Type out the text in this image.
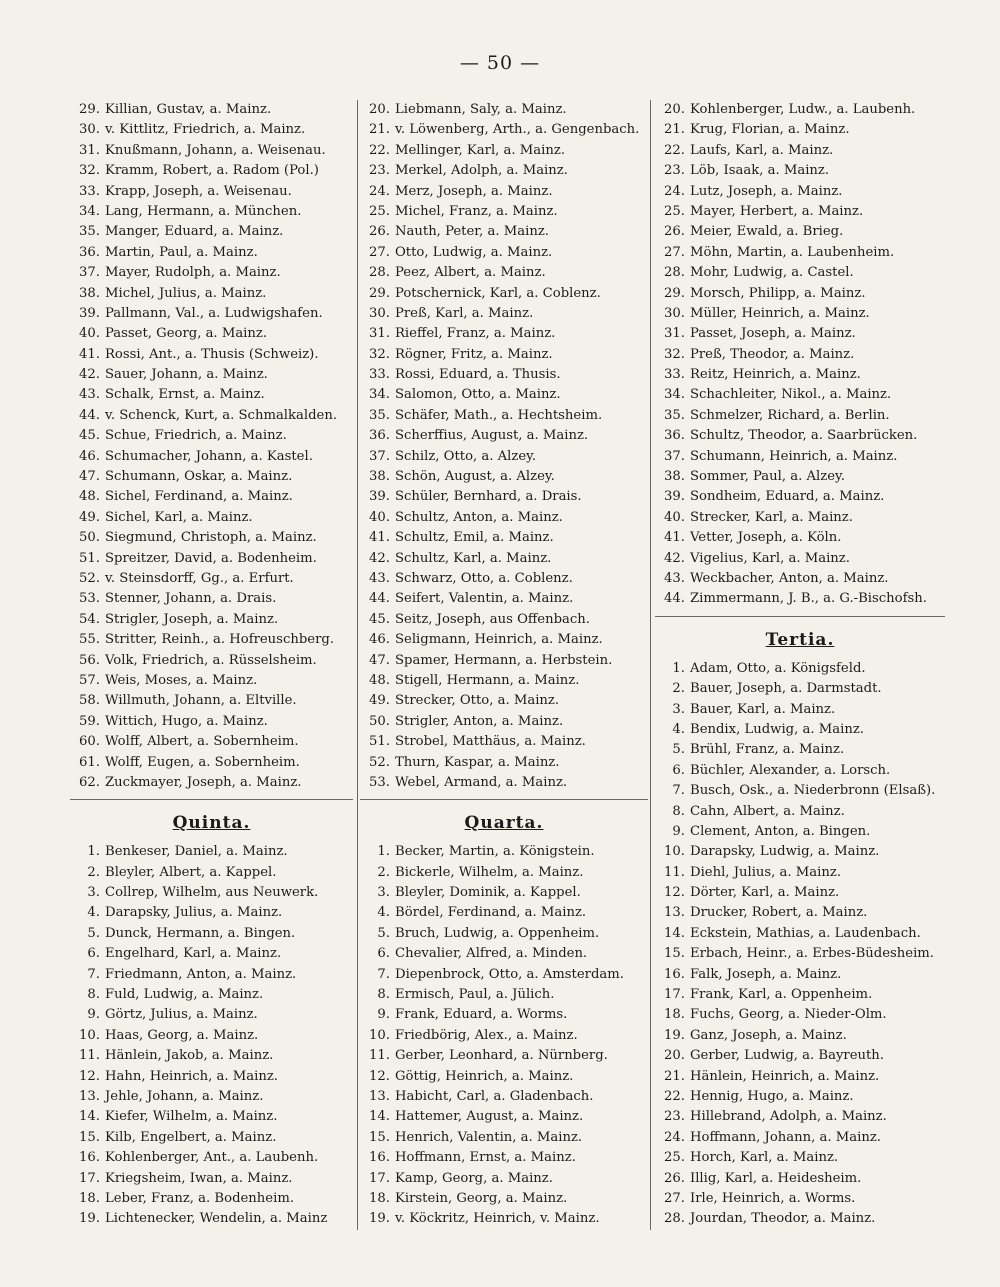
— 50 —
29. Killian, Gustav, a. Mainz.
30. v. Kittlitz, Friedrich, a. Mainz.
31. Knußmann, Johann, a. Weisenau.
32. Kramm, Robert, a. Radom (Pol.)
33. Krapp, Joseph, a. Weisenau.
34. Lang, Hermann, a. München.
35. Manger, Eduard, a. Mainz.
36. Martin, Paul, a. Mainz.
37. Mayer, Rudolph, a. Mainz.
38. Michel, Julius, a. Mainz.
39. Pallmann, Val., a. Ludwigshafen.
40. Passet, Georg, a. Mainz.
41. Rossi, Ant., a. Thusis (Schweiz).
42. Sauer, Johann, a. Mainz.
43. Schalk, Ernst, a. Mainz.
44. v. Schenck, Kurt, a. Schmalkalden.
45. Schue, Friedrich, a. Mainz.
46. Schumacher, Johann, a. Kastel.
47. Schumann, Oskar, a. Mainz.
48. Sichel, Ferdinand, a. Mainz.
49. Sichel, Karl, a. Mainz.
50. Siegmund, Christoph, a. Mainz.
51. Spreitzer, David, a. Bodenheim.
52. v. Steinsdorff, Gg., a. Erfurt.
53. Stenner, Johann, a. Drais.
54. Strigler, Joseph, a. Mainz.
55. Stritter, Reinh., a. Hofreuschberg.
56. Volk, Friedrich, a. Rüsselsheim.
57. Weis, Moses, a. Mainz.
58. Willmuth, Johann, a. Eltville.
59. Wittich, Hugo, a. Mainz.
60. Wolff, Albert, a. Sobernheim.
61. Wolff, Eugen, a. Sobernheim.
62. Zuckmayer, Joseph, a. Mainz.
Quinta.
1. Benkeser, Daniel, a. Mainz.
2. Bleyler, Albert, a. Kappel.
3. Collrep, Wilhelm, aus Neuwerk.
4. Darapsky, Julius, a. Mainz.
5. Dunck, Hermann, a. Bingen.
6. Engelhard, Karl, a. Mainz.
7. Friedmann, Anton, a. Mainz.
8. Fuld, Ludwig, a. Mainz.
9. Görtz, Julius, a. Mainz.
10. Haas, Georg, a. Mainz.
11. Hänlein, Jakob, a. Mainz.
12. Hahn, Heinrich, a. Mainz.
13. Jehle, Johann, a. Mainz.
14. Kiefer, Wilhelm, a. Mainz.
15. Kilb, Engelbert, a. Mainz.
16. Kohlenberger, Ant., a. Laubenh.
17. Kriegsheim, Iwan, a. Mainz.
18. Leber, Franz, a. Bodenheim.
19. Lichtenecker, Wendelin, a. Mainz
20. Liebmann, Saly, a. Mainz.
21. v. Löwenberg, Arth., a. Gengenbach.
22. Mellinger, Karl, a. Mainz.
23. Merkel, Adolph, a. Mainz.
24. Merz, Joseph, a. Mainz.
25. Michel, Franz, a. Mainz.
26. Nauth, Peter, a. Mainz.
27. Otto, Ludwig, a. Mainz.
28. Peez, Albert, a. Mainz.
29. Potschernick, Karl, a. Coblenz.
30. Preß, Karl, a. Mainz.
31. Rieffel, Franz, a. Mainz.
32. Rögner, Fritz, a. Mainz.
33. Rossi, Eduard, a. Thusis.
34. Salomon, Otto, a. Mainz.
35. Schäfer, Math., a. Hechtsheim.
36. Scherffius, August, a. Mainz.
37. Schilz, Otto, a. Alzey.
38. Schön, August, a. Alzey.
39. Schüler, Bernhard, a. Drais.
40. Schultz, Anton, a. Mainz.
41. Schultz, Emil, a. Mainz.
42. Schultz, Karl, a. Mainz.
43. Schwarz, Otto, a. Coblenz.
44. Seifert, Valentin, a. Mainz.
45. Seitz, Joseph, aus Offenbach.
46. Seligmann, Heinrich, a. Mainz.
47. Spamer, Hermann, a. Herbstein.
48. Stigell, Hermann, a. Mainz.
49. Strecker, Otto, a. Mainz.
50. Strigler, Anton, a. Mainz.
51. Strobel, Matthäus, a. Mainz.
52. Thurn, Kaspar, a. Mainz.
53. Webel, Armand, a. Mainz.
Quarta.
1. Becker, Martin, a. Königstein.
2. Bickerle, Wilhelm, a. Mainz.
3. Bleyler, Dominik, a. Kappel.
4. Bördel, Ferdinand, a. Mainz.
5. Bruch, Ludwig, a. Oppenheim.
6. Chevalier, Alfred, a. Minden.
7. Diepenbrock, Otto, a. Amsterdam.
8. Ermisch, Paul, a. Jülich.
9. Frank, Eduard, a. Worms.
10. Friedbörig, Alex., a. Mainz.
11. Gerber, Leonhard, a. Nürnberg.
12. Göttig, Heinrich, a. Mainz.
13. Habicht, Carl, a. Gladenbach.
14. Hattemer, August, a. Mainz.
15. Henrich, Valentin, a. Mainz.
16. Hoffmann, Ernst, a. Mainz.
17. Kamp, Georg, a. Mainz.
18. Kirstein, Georg, a. Mainz.
19. v. Köckritz, Heinrich, v. Mainz.
20. Kohlenberger, Ludw., a. Laubenh.
21. Krug, Florian, a. Mainz.
22. Laufs, Karl, a. Mainz.
23. Löb, Isaak, a. Mainz.
24. Lutz, Joseph, a. Mainz.
25. Mayer, Herbert, a. Mainz.
26. Meier, Ewald, a. Brieg.
27. Möhn, Martin, a. Laubenheim.
28. Mohr, Ludwig, a. Castel.
29. Morsch, Philipp, a. Mainz.
30. Müller, Heinrich, a. Mainz.
31. Passet, Joseph, a. Mainz.
32. Preß, Theodor, a. Mainz.
33. Reitz, Heinrich, a. Mainz.
34. Schachleiter, Nikol., a. Mainz.
35. Schmelzer, Richard, a. Berlin.
36. Schultz, Theodor, a. Saarbrücken.
37. Schumann, Heinrich, a. Mainz.
38. Sommer, Paul, a. Alzey.
39. Sondheim, Eduard, a. Mainz.
40. Strecker, Karl, a. Mainz.
41. Vetter, Joseph, a. Köln.
42. Vigelius, Karl, a. Mainz.
43. Weckbacher, Anton, a. Mainz.
44. Zimmermann, J. B., a. G.-Bischofsh.
Tertia.
1. Adam, Otto, a. Königsfeld.
2. Bauer, Joseph, a. Darmstadt.
3. Bauer, Karl, a. Mainz.
4. Bendix, Ludwig, a. Mainz.
5. Brühl, Franz, a. Mainz.
6. Büchler, Alexander, a. Lorsch.
7. Busch, Osk., a. Niederbronn (Elsaß).
8. Cahn, Albert, a. Mainz.
9. Clement, Anton, a. Bingen.
10. Darapsky, Ludwig, a. Mainz.
11. Diehl, Julius, a. Mainz.
12. Dörter, Karl, a. Mainz.
13. Drucker, Robert, a. Mainz.
14. Eckstein, Mathias, a. Laudenbach.
15. Erbach, Heinr., a. Erbes-Büdesheim.
16. Falk, Joseph, a. Mainz.
17. Frank, Karl, a. Oppenheim.
18. Fuchs, Georg, a. Nieder-Olm.
19. Ganz, Joseph, a. Mainz.
20. Gerber, Ludwig, a. Bayreuth.
21. Hänlein, Heinrich, a. Mainz.
22. Hennig, Hugo, a. Mainz.
23. Hillebrand, Adolph, a. Mainz.
24. Hoffmann, Johann, a. Mainz.
25. Horch, Karl, a. Mainz.
26. Illig, Karl, a. Heidesheim.
27. Irle, Heinrich, a. Worms.
28. Jourdan, Theodor, a. Mainz.
